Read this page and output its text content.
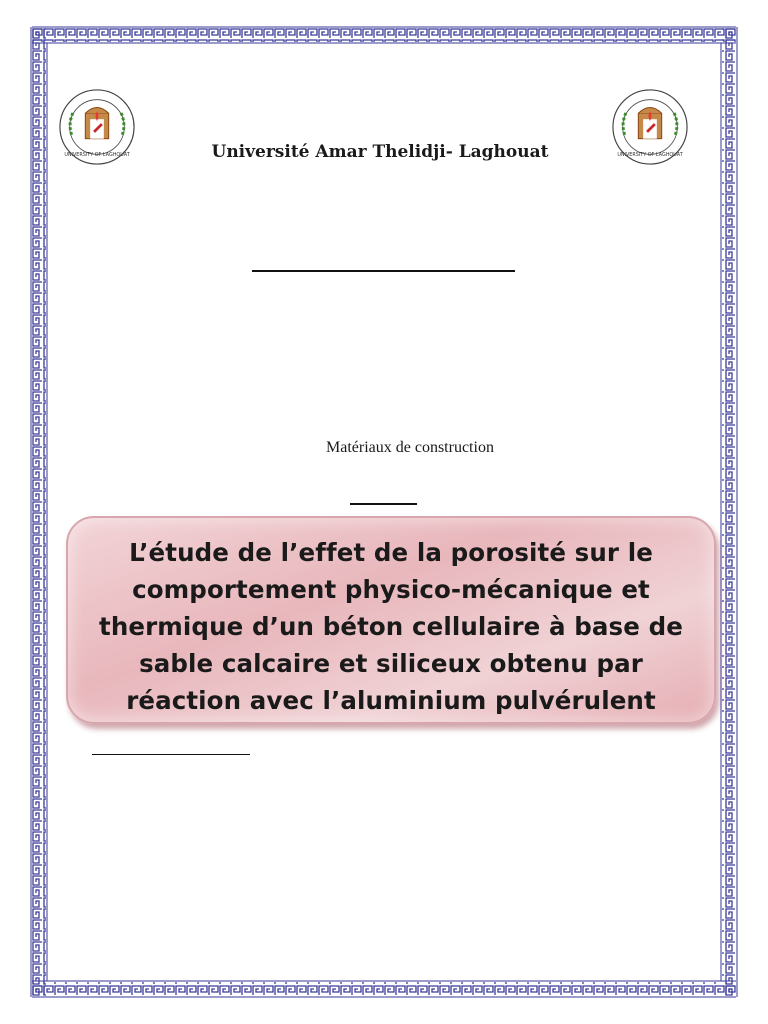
UNIVERSITY OF LAGHOUAT	UNIVERSITY OF LAGHOUAT
Université Amar Thelidji- Laghouat
Matériaux de construction
L’étude de l’effet de la porosité sur le
comportement physico-mécanique et
thermique d’un béton cellulaire à base de
sable calcaire et siliceux obtenu par
réaction avec l’aluminium pulvérulent
